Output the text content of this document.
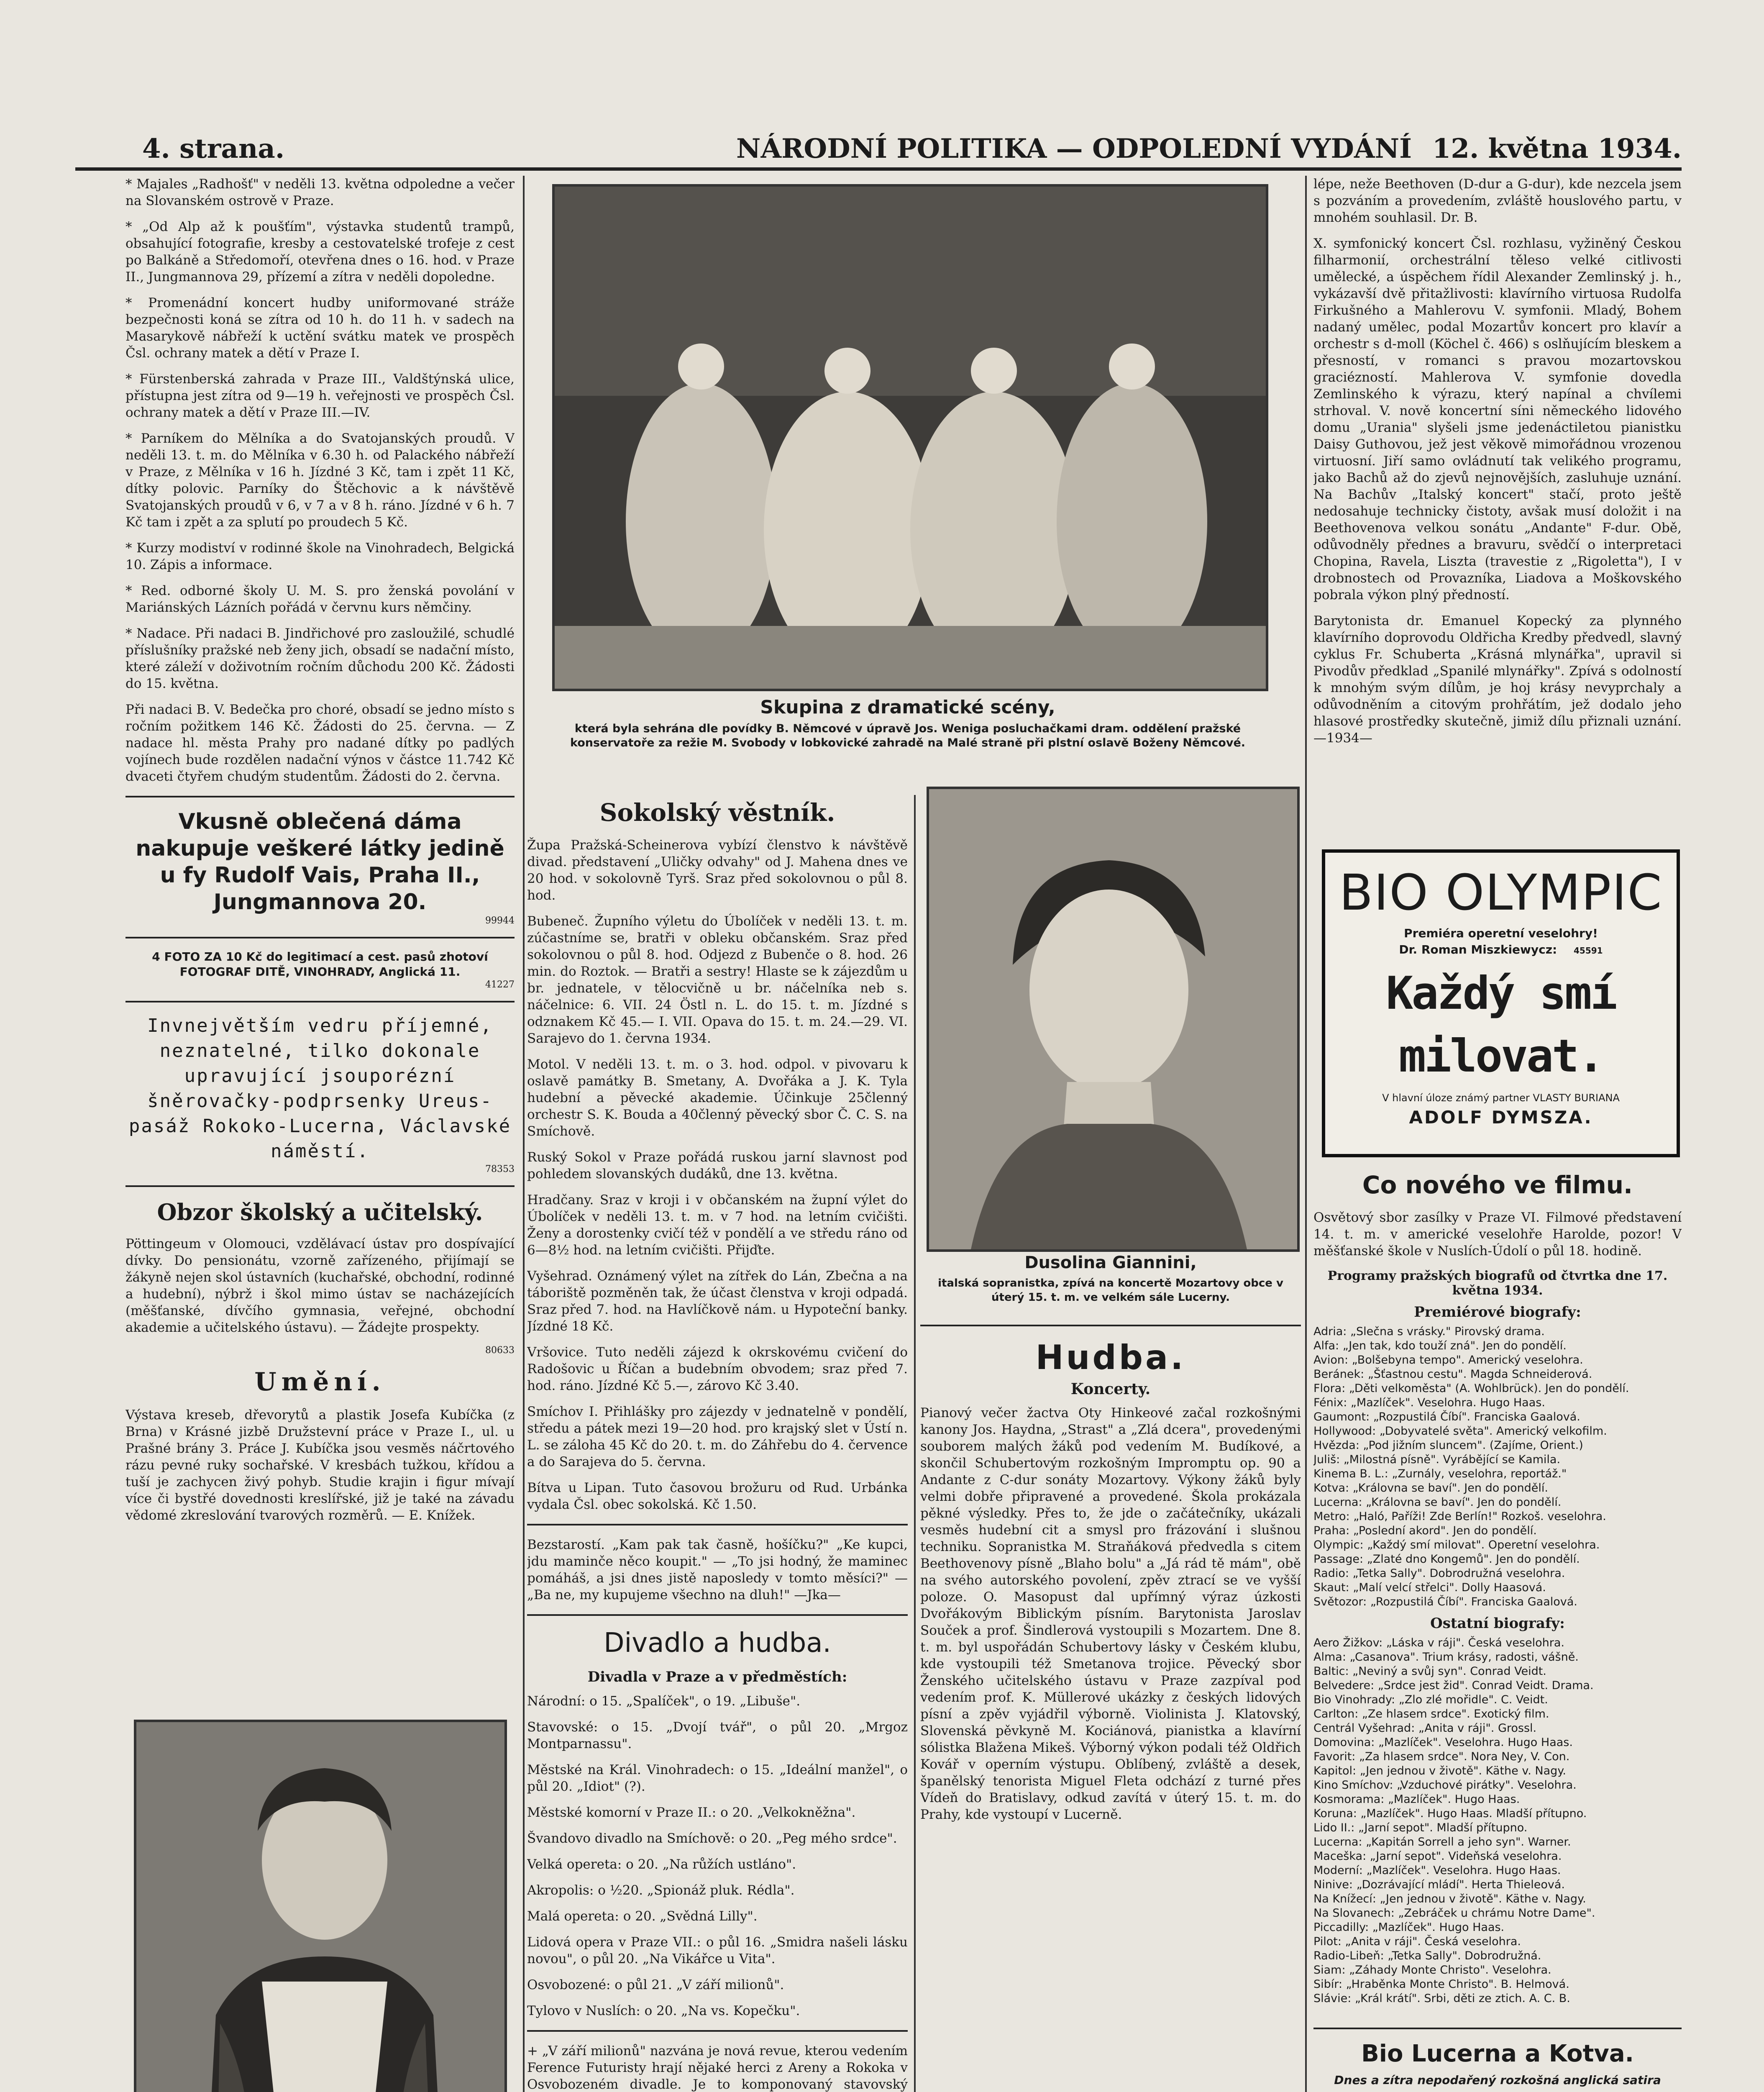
4. strana.	NÁRODNÍ POLITIKA — ODPOLEDNÍ VYDÁNÍ 12. května 1934.

* Majales „Radhošť" v neděli 13. května odpoledne a večer na Slovanském ostrově v Praze.

* „Od Alp až k poušťím", výstavka studentů trampů, obsahující fotografie, kresby a cestovatelské trofeje z cest po Balkáně a Středomoří, otevřena dnes o 16. hod. v Praze II., Jungmannova 29, přízemí a zítra v neděli dopoledne.

* Promenádní koncert hudby uniformované stráže bezpečnosti koná se zítra od 10 h. do 11 h. v sadech na Masarykově nábřeží k uctění svátku matek ve prospěch Čsl. ochrany matek a dětí v Praze I.

* Fürstenberská zahrada v Praze III., Valdštýnská ulice, přístupna jest zítra od 9—19 h. veřejnosti ve prospěch Čsl. ochrany matek a dětí v Praze III.—IV.

* Parníkem do Mělníka a do Svatojanských proudů. V neděli 13. t. m. do Mělníka v 6.30 h. od Palackého nábřeží v Praze, z Mělníka v 16 h. Jízdné 3 Kč, tam i zpět 11 Kč, dítky polovic. Parníky do Štěchovic a k návštěvě Svatojanských proudů v 6, v 7 a v 8 h. ráno. Jízdné v 6 h. 7 Kč tam i zpět a za splutí po proudech 5 Kč.

* Kurzy modiství v rodinné škole na Vinohradech, Belgická 10. Zápis a informace.

* Red. odborné školy U. M. S. pro ženská povolání v Mariánských Lázních pořádá v červnu kurs němčiny.

* Nadace. Při nadaci B. Jindřichové pro zasloužilé, schudlé příslušníky pražské neb ženy jich, obsadí se nadační místo, které záleží v doživotním ročním důchodu 200 Kč. Žádosti do 15. května.

Při nadaci B. V. Bedečka pro choré, obsadí se jedno místo s ročním požitkem 146 Kč. Žádosti do 25. června. — Z nadace hl. města Prahy pro nadané dítky po padlých vojínech bude rozdělen nadační výnos v částce 11.742 Kč dvaceti čtyřem chudým studentům. Žádosti do 2. června.

Vkusně oblečená dáma nakupuje veškeré látky jedině u fy Rudolf Vais, Praha II., Jungmannova 20.
99944
4 FOTO ZA 10 Kč do legitimací a cest. pasů zhotoví FOTOGRAF DITĚ, VINOHRADY, Anglická 11.
41227
Invnejvětším vedru příjemné, neznatelné, tilko dokonale upravující jsouporézní šněrovačky-podprsenky Ureus-pasáž Rokoko-Lucerna, Václavské náměstí.
78353
Obzor školský a učitelský.

Pöttingeum v Olomouci, vzdělávací ústav pro dospívající dívky. Do pensionátu, vzorně zařízeného, přijímají se žákyně nejen skol ústavních (kuchařské, obchodní, rodinné a hudební), nýbrž i škol mimo ústav se nacházejících (měšťanské, dívčího gymnasia, veřejné, obchodní akademie a učitelského ústavu). — Žádejte prospekty.

80633
Umění.

Výstava kreseb, dřevorytů a plastik Josefa Kubíčka (z Brna) v Krásné jizbě Družstevní práce v Praze I., ul. u Prašné brány 3. Práce J. Kubíčka jsou vesměs náčrtového rázu pevné ruky sochařské. V kresbách tužkou, křídou a tuší je zachycen živý pohyb. Studie krajin i figur mívají více či bystřé dovednosti kreslířské, již je také na závadu vědomé zkreslování tvarových rozměrů. — E. Knížek.

Skupina z dramatické scény,
která byla sehrána dle povídky B. Němcové v úpravě Jos. Weniga posluchačkami dram. oddělení pražské konservatoře za režie M. Svobody v lobkovické zahradě na Malé straně při plstní oslavě Boženy Němcové.
Sokolský věstník.

Župa Pražská-Scheinerova vybízí členstvo k návštěvě divad. představení „Uličky odvahy" od J. Mahena dnes ve 20 hod. v sokolovně Tyrš. Sraz před sokolovnou o půl 8. hod.

Bubeneč. Župního výletu do Úbolíček v neděli 13. t. m. zúčastníme se, bratři v obleku občanském. Sraz před sokolovnou o půl 8. hod. Odjezd z Bubenče o 8. hod. 26 min. do Roztok. — Bratři a sestry! Hlaste se k zájezdům u br. jednatele, v tělocvičně u br. náčelníka neb s. náčelnice: 6. VII. 24 Östl n. L. do 15. t. m. Jízdné s odznakem Kč 45.— I. VII. Opava do 15. t. m. 24.—29. VI. Sarajevo do 1. června 1934.

Motol. V neděli 13. t. m. o 3. hod. odpol. v pivovaru k oslavě památky B. Smetany, A. Dvořáka a J. K. Tyla hudební a pěvecké akademie. Účinkuje 25členný orchestr S. K. Bouda a 40členný pěvecký sbor Č. C. S. na Smíchově.

Ruský Sokol v Praze pořádá ruskou jarní slavnost pod pohledem slovanských dudáků, dne 13. května.

Hradčany. Sraz v kroji i v občanském na župní výlet do Úbolíček v neděli 13. t. m. v 7 hod. na letním cvičišti. Ženy a dorostenky cvičí též v pondělí a ve středu ráno od 6—8½ hod. na letním cvičišti. Přijďte.

Vyšehrad. Oznámený výlet na zítřek do Lán, Zbečna a na táboriště pozměněn tak, že účast členstva v kroji odpadá. Sraz před 7. hod. na Havlíčkově nám. u Hypoteční banky. Jízdné 18 Kč.

Vršovice. Tuto neděli zájezd k okrskovému cvičení do Radošovic u Říčan a budebním obvodem; sraz před 7. hod. ráno. Jízdné Kč 5.—, zárovo Kč 3.40.

Smíchov I. Přihlášky pro zájezdy v jednatelně v pondělí, středu a pátek mezi 19—20 hod. pro krajský slet v Ústí n. L. se záloha 45 Kč do 20. t. m. do Záhřebu do 4. července a do Sarajeva do 5. června.

Bítva u Lipan. Tuto časovou brožuru od Rud. Urbánka vydala Čsl. obec sokolská. Kč 1.50.

Bezstarostí. „Kam pak tak časně, hošíčku?" „Ke kupci, jdu maminče něco koupit." — „To jsi hodný, že maminec pomáháš, a jsi dnes jistě naposledy v tomto měsíci?" — „Ba ne, my kupujeme všechno na dluh!" —Jka—

Divadlo a hudba.
Divadla v Praze a v předměstích:

Národní: o 15. „Spalíček", o 19. „Libuše".

Stavovské: o 15. „Dvojí tvář", o půl 20. „Mrgoz Montparnassu".

Městské na Král. Vinohradech: o 15. „Ideální manžel", o půl 20. „Idiot" (?).

Městské komorní v Praze II.: o 20. „Velkokněžna".

Švandovo divadlo na Smíchově: o 20. „Peg mého srdce".

Velká opereta: o 20. „Na růžích ustláno".

Akropolis: o ½20. „Spionáž pluk. Rédla".

Malá opereta: o 20. „Svědná Lilly".

Lidová opera v Praze VII.: o půl 16. „Smidra našeli lásku novou", o půl 20. „Na Vikářce u Vita".

Osvobozené: o půl 21. „V září milionů".

Tylovo v Nuslích: o 20. „Na vs. Kopečku".

+ „V září milionů" nazvána je nová revue, kterou vedením Ference Futuristy hrají nějaké herci z Areny a Rokoka v Osvobozeném divadle. Je to komponovaný stavovský

Dusolina Giannini,
italská sopranistka, zpívá na koncertě Mozartovy obce v úterý 15. t. m. ve velkém sále Lucerny.
Hudba.
Koncerty.

Pianový večer žactva Oty Hinkeové začal rozkošnými kanony Jos. Haydna, „Strast" a „Zlá dcera", provedenými souborem malých žáků pod vedením M. Budíkové, a skončil Schubertovým rozkošným Impromptu op. 90 a Andante z C-dur sonáty Mozartovy. Výkony žáků byly velmi dobře připravené a provedené. Škola prokázala pěkné výsledky. Přes to, že jde o začátečníky, ukázali vesměs hudební cit a smysl pro frázování i slušnou techniku. Sopranistka M. Straňáková předvedla s citem Beethovenovy písně „Blaho bolu" a „Já rád tě mám", obě na svého autorského povolení, zpěv ztrací se ve vyšší poloze. O. Masopust dal upřímný výraz úzkosti Dvořákovým Biblickým písním. Barytonista Jaroslav Souček a prof. Šindlerová vystoupili s Mozartem. Dne 8. t. m. byl uspořádán Schubertovy lásky v Českém klubu, kde vystoupili též Smetanova trojice. Pěvecký sbor Ženského učitelského ústavu v Praze zazpíval pod vedením prof. K. Müllerové ukázky z českých lidových písní a zpěv vyjádřil výborně. Violinista J. Klatovský, Slovenská pěvkyně M. Kociánová, pianistka a klavírní sólistka Blažena Mikeš. Výborný výkon podali též Oldřich Kovář v operním výstupu. Oblíbený, zvláště a desek, španělský tenorista Miguel Fleta odchází z turné přes Vídeň do Bratislavy, odkud zavítá v úterý 15. t. m. do Prahy, kde vystoupí v Lucerně.

lépe, neže Beethoven (D-dur a G-dur), kde nezcela jsem s pozváním a provedením, zvláště houslového partu, v mnohém souhlasil. Dr. B.

X. symfonický koncert Čsl. rozhlasu, vyžiněný Českou filharmonií, orchestrální těleso velké citlivosti umělecké, a úspěchem řídil Alexander Zemlinský j. h., vykázavší dvě přitažlivosti: klavírního virtuosa Rudolfa Firkušného a Mahlerovu V. symfonii. Mladý, Bohem nadaný umělec, podal Mozartův koncert pro klavír a orchestr s d-moll (Köchel č. 466) s oslňujícím bleskem a přesností, v romanci s pravou mozartovskou graciézností. Mahlerova V. symfonie dovedla Zemlinského k výrazu, který napínal a chvílemi strhoval. V. nově koncertní síni německého lidového domu „Urania" slyšeli jsme jedenáctiletou pianistku Daisy Guthovou, jež jest věkově mimořádnou vrozenou virtuosní. Jiří samo ovládnutí tak velikého programu, jako Bachů až do zjevů nejnovějších, zasluhuje uznání. Na Bachův „Italský koncert" stačí, proto ještě nedosahuje technicky čistoty, avšak musí doložit i na Beethovenova velkou sonátu „Andante" F-dur. Obě, odůvodněly přednes a bravuru, svědčí o interpretaci Chopina, Ravela, Liszta (travestie z „Rigoletta"), I v drobnostech od Provazníka, Liadova a Moškovského pobrala výkon plný předností.

Barytonista dr. Emanuel Kopecký za plynného klavírního doprovodu Oldřicha Kredby předvedl, slavný cyklus Fr. Schuberta „Krásná mlynářka", upravil si Pivodův předklad „Spanilé mlynářky". Zpívá s odolností k mnohým svým dílům, je hoj krásy nevyprchaly a odůvodněním a citovým prohřátím, jež dodalo jeho hlasové prostředky skutečně, jimiž dílu přiznali uznání. —1934—

BIO OLYMPIC
Premiéra operetní veselohry!
Dr. Roman Miszkiewycz: 45591
Každý smí milovat.
V hlavní úloze známý partner VLASTY BURIANA
ADOLF DYMSZA.
Co nového ve filmu.

Osvětový sbor zasílky v Praze VI. Filmové představení 14. t. m. v americké veselohře Harolde, pozor! V měšťanské škole v Nuslích-Údolí o půl 18. hodině.

Programy pražských biografů od čtvrtka dne 17. května 1934.
Premiérové biografy:
Adria: „Slečna s vrásky." Pirovský drama.
Alfa: „Jen tak, kdo touží zná". Jen do pondělí.
Avion: „Bolšebyna tempo". Americký veselohra.
Beránek: „Šťastnou cestu". Magda Schneiderová.
Flora: „Děti velkoměsta" (A. Wohlbrück). Jen do pondělí.
Fénix: „Mazlíček". Veselohra. Hugo Haas.
Gaumont: „Rozpustilá Číbí". Franciska Gaalová.
Hollywood: „Dobyvatelé světa". Americký velkofilm.
Hvězda: „Pod jižním sluncem". (Zajíme, Orient.)
Juliš: „Milostná písně". Vyrábějící se Kamila.
Kinema B. L.: „Zurnály, veselohra, reportáž."
Kotva: „Královna se baví". Jen do pondělí.
Lucerna: „Královna se baví". Jen do pondělí.
Metro: „Haló, Paříži! Zde Berlín!" Rozkoš. veselohra.
Praha: „Poslední akord". Jen do pondělí.
Olympic: „Každý smí milovat". Operetní veselohra.
Passage: „Zlaté dno Kongemů". Jen do pondělí.
Radio: „Tetka Sally". Dobrodružná veselohra.
Skaut: „Malí velcí střelci". Dolly Haasová.
Světozor: „Rozpustilá Číbí". Franciska Gaalová.
Ostatní biografy:
Aero Žižkov: „Láska v ráji". Česká veselohra.
Alma: „Casanova". Trium krásy, radosti, vášně.
Baltic: „Neviný a svůj syn". Conrad Veidt.
Belvedere: „Srdce jest žid". Conrad Veidt. Drama.
Bio Vinohrady: „Zlo zlé mořidle". C. Veidt.
Carlton: „Ze hlasem srdce". Exotický film.
Centrál Vyšehrad: „Anita v ráji". Grossl.
Domovina: „Mazlíček". Veselohra. Hugo Haas.
Favorit: „Za hlasem srdce". Nora Ney, V. Con.
Kapitol: „Jen jednou v životě". Käthe v. Nagy.
Kino Smíchov: „Vzduchové pirátky". Veselohra.
Kosmorama: „Mazlíček". Hugo Haas.
Koruna: „Mazlíček". Hugo Haas. Mladší přítupno.
Lido II.: „Jarní sepot". Mladší přítupno.
Lucerna: „Kapitán Sorrell a jeho syn". Warner.
Maceška: „Jarní sepot". Videňská veselohra.
Moderní: „Mazlíček". Veselohra. Hugo Haas.
Ninive: „Dozrávající mládí". Herta Thieleová.
Na Knížecí: „Jen jednou v životě". Käthe v. Nagy.
Na Slovanech: „Zebráček u chrámu Notre Dame".
Piccadilly: „Mazlíček". Hugo Haas.
Pilot: „Anita v ráji". Česká veselohra.
Radio-Libeň: „Tetka Sally". Dobrodružná.
Siam: „Záhady Monte Christo". Veselohra.
Sibír: „Hraběnka Monte Christo". B. Helmová.
Slávie: „Král krátí". Srbi, děti ze ztich. A. C. B.
Bio Lucerna a Kotva.
Dnes a zítra nepodařený rozkošná anglická satira
